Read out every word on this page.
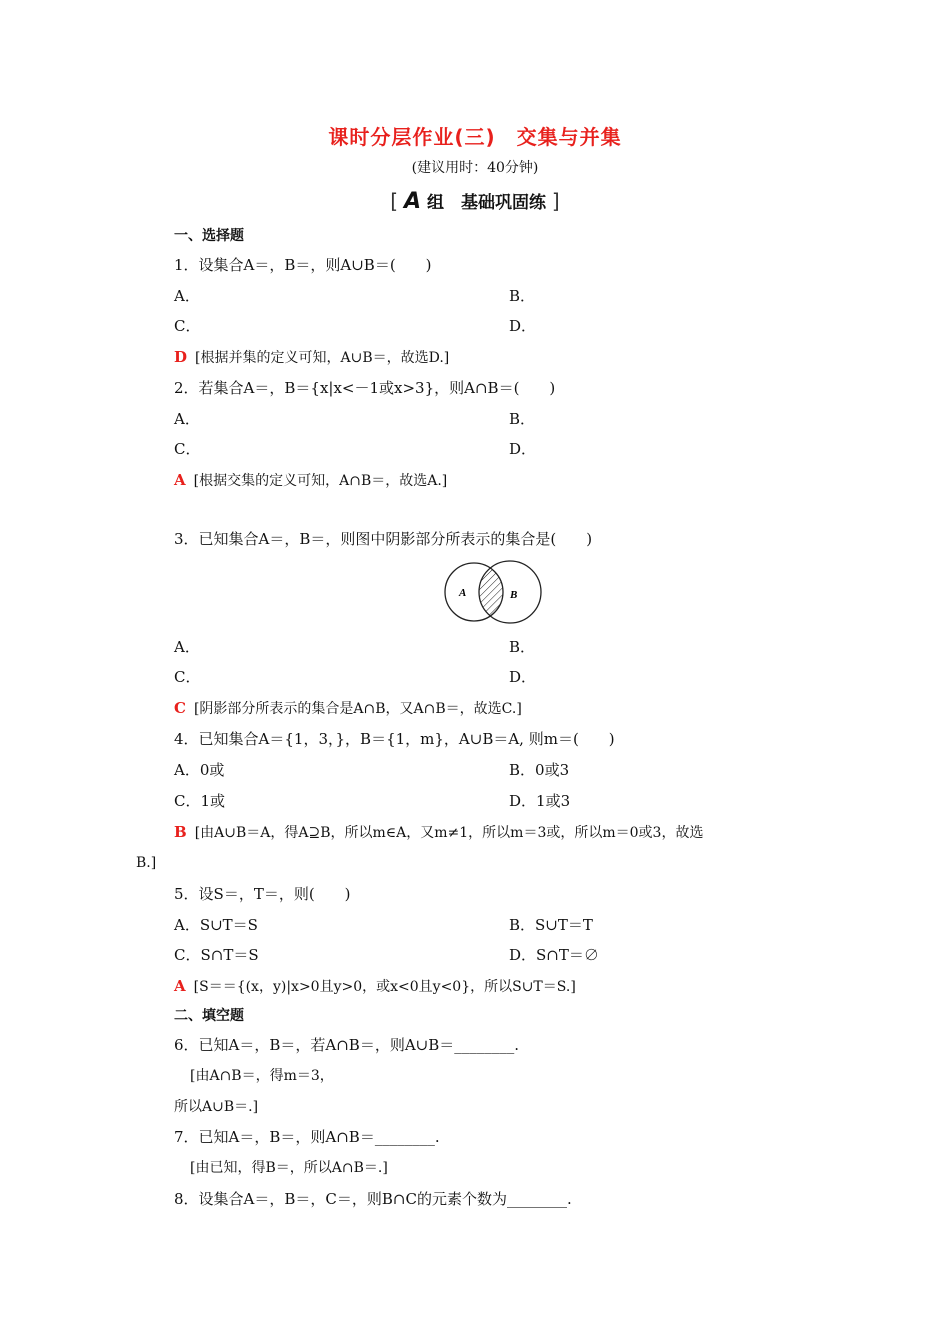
课时分层作业(三)　交集与并集
(建议用时：40分钟)
[ A 组　基础巩固练 ]
一、选择题
1．设集合A＝，B＝，则A∪B＝(　　)
A．	B．
C．	D．
D [根据并集的定义可知，A∪B＝，故选D.]
2．若集合A＝，B＝{x|x<－1或x>3}，则A∩B＝(　　)
A．	B．
C．	D．
A [根据交集的定义可知，A∩B＝，故选A.]
3．已知集合A＝，B＝，则图中阴影部分所表示的集合是(　　)
A	B
A．	B．
C．	D．
C [阴影部分所表示的集合是A∩B，又A∩B＝，故选C.]
4．已知集合A＝{1，3，}，B＝{1，m}，A∪B＝A, 则m＝(　　)
A．0或	B．0或3
C．1或	D．1或3
B [由A∪B＝A，得A⊇B，所以m∈A，又m≠1，所以m＝3或，所以m＝0或3，故选
B.]
5．设S＝，T＝，则(　　)
A．S∪T＝S	B．S∪T＝T
C．S∩T＝S	D．S∩T＝∅
A [S＝＝{(x，y)|x>0且y>0，或x<0且y<0}，所以S∪T＝S.]
二、填空题
6．已知A＝，B＝，若A∩B＝，则A∪B＝________.
[由A∩B＝，得m＝3，
所以A∪B＝.]
7．已知A＝，B＝，则A∩B＝________.
[由已知，得B＝，所以A∩B＝.]
8．设集合A＝，B＝，C＝，则B∩C的元素个数为________.
